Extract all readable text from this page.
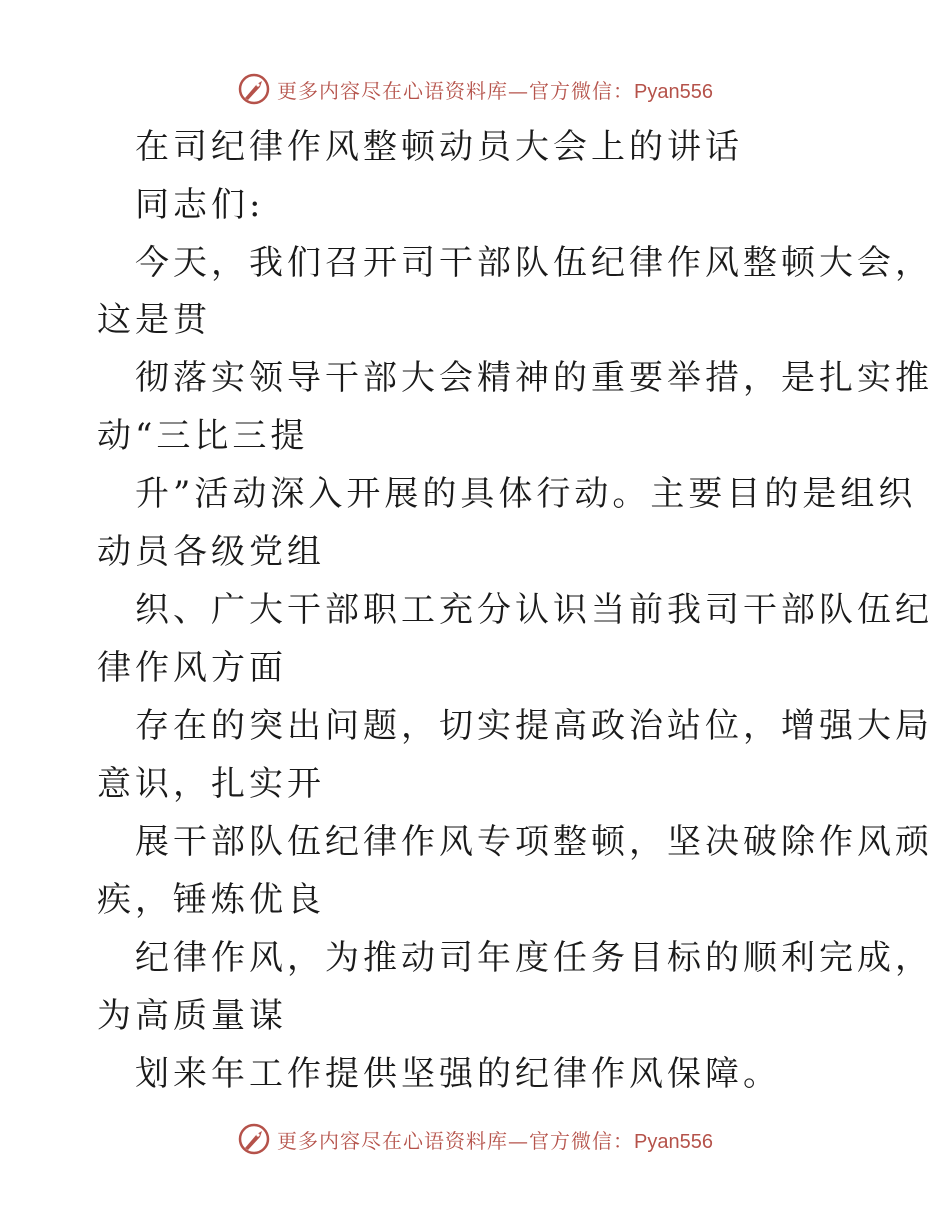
更多内容尽在心语资料库—官方微信：Pyan556
在司纪律作风整顿动员大会上的讲话
同志们:
今天，我们召开司干部队伍纪律作风整顿大会，
这是贯
彻落实领导干部大会精神的重要举措，是扎实推
动“三比三提
升”活动深入开展的具体行动。主要目的是组织
动员各级党组
织、广大干部职工充分认识当前我司干部队伍纪
律作风方面
存在的突出问题，切实提高政治站位，增强大局
意识，扎实开
展干部队伍纪律作风专项整顿，坚决破除作风顽
疾，锤炼优良
纪律作风，为推动司年度任务目标的顺利完成，
为高质量谋
划来年工作提供坚强的纪律作风保障。
更多内容尽在心语资料库—官方微信：Pyan556
